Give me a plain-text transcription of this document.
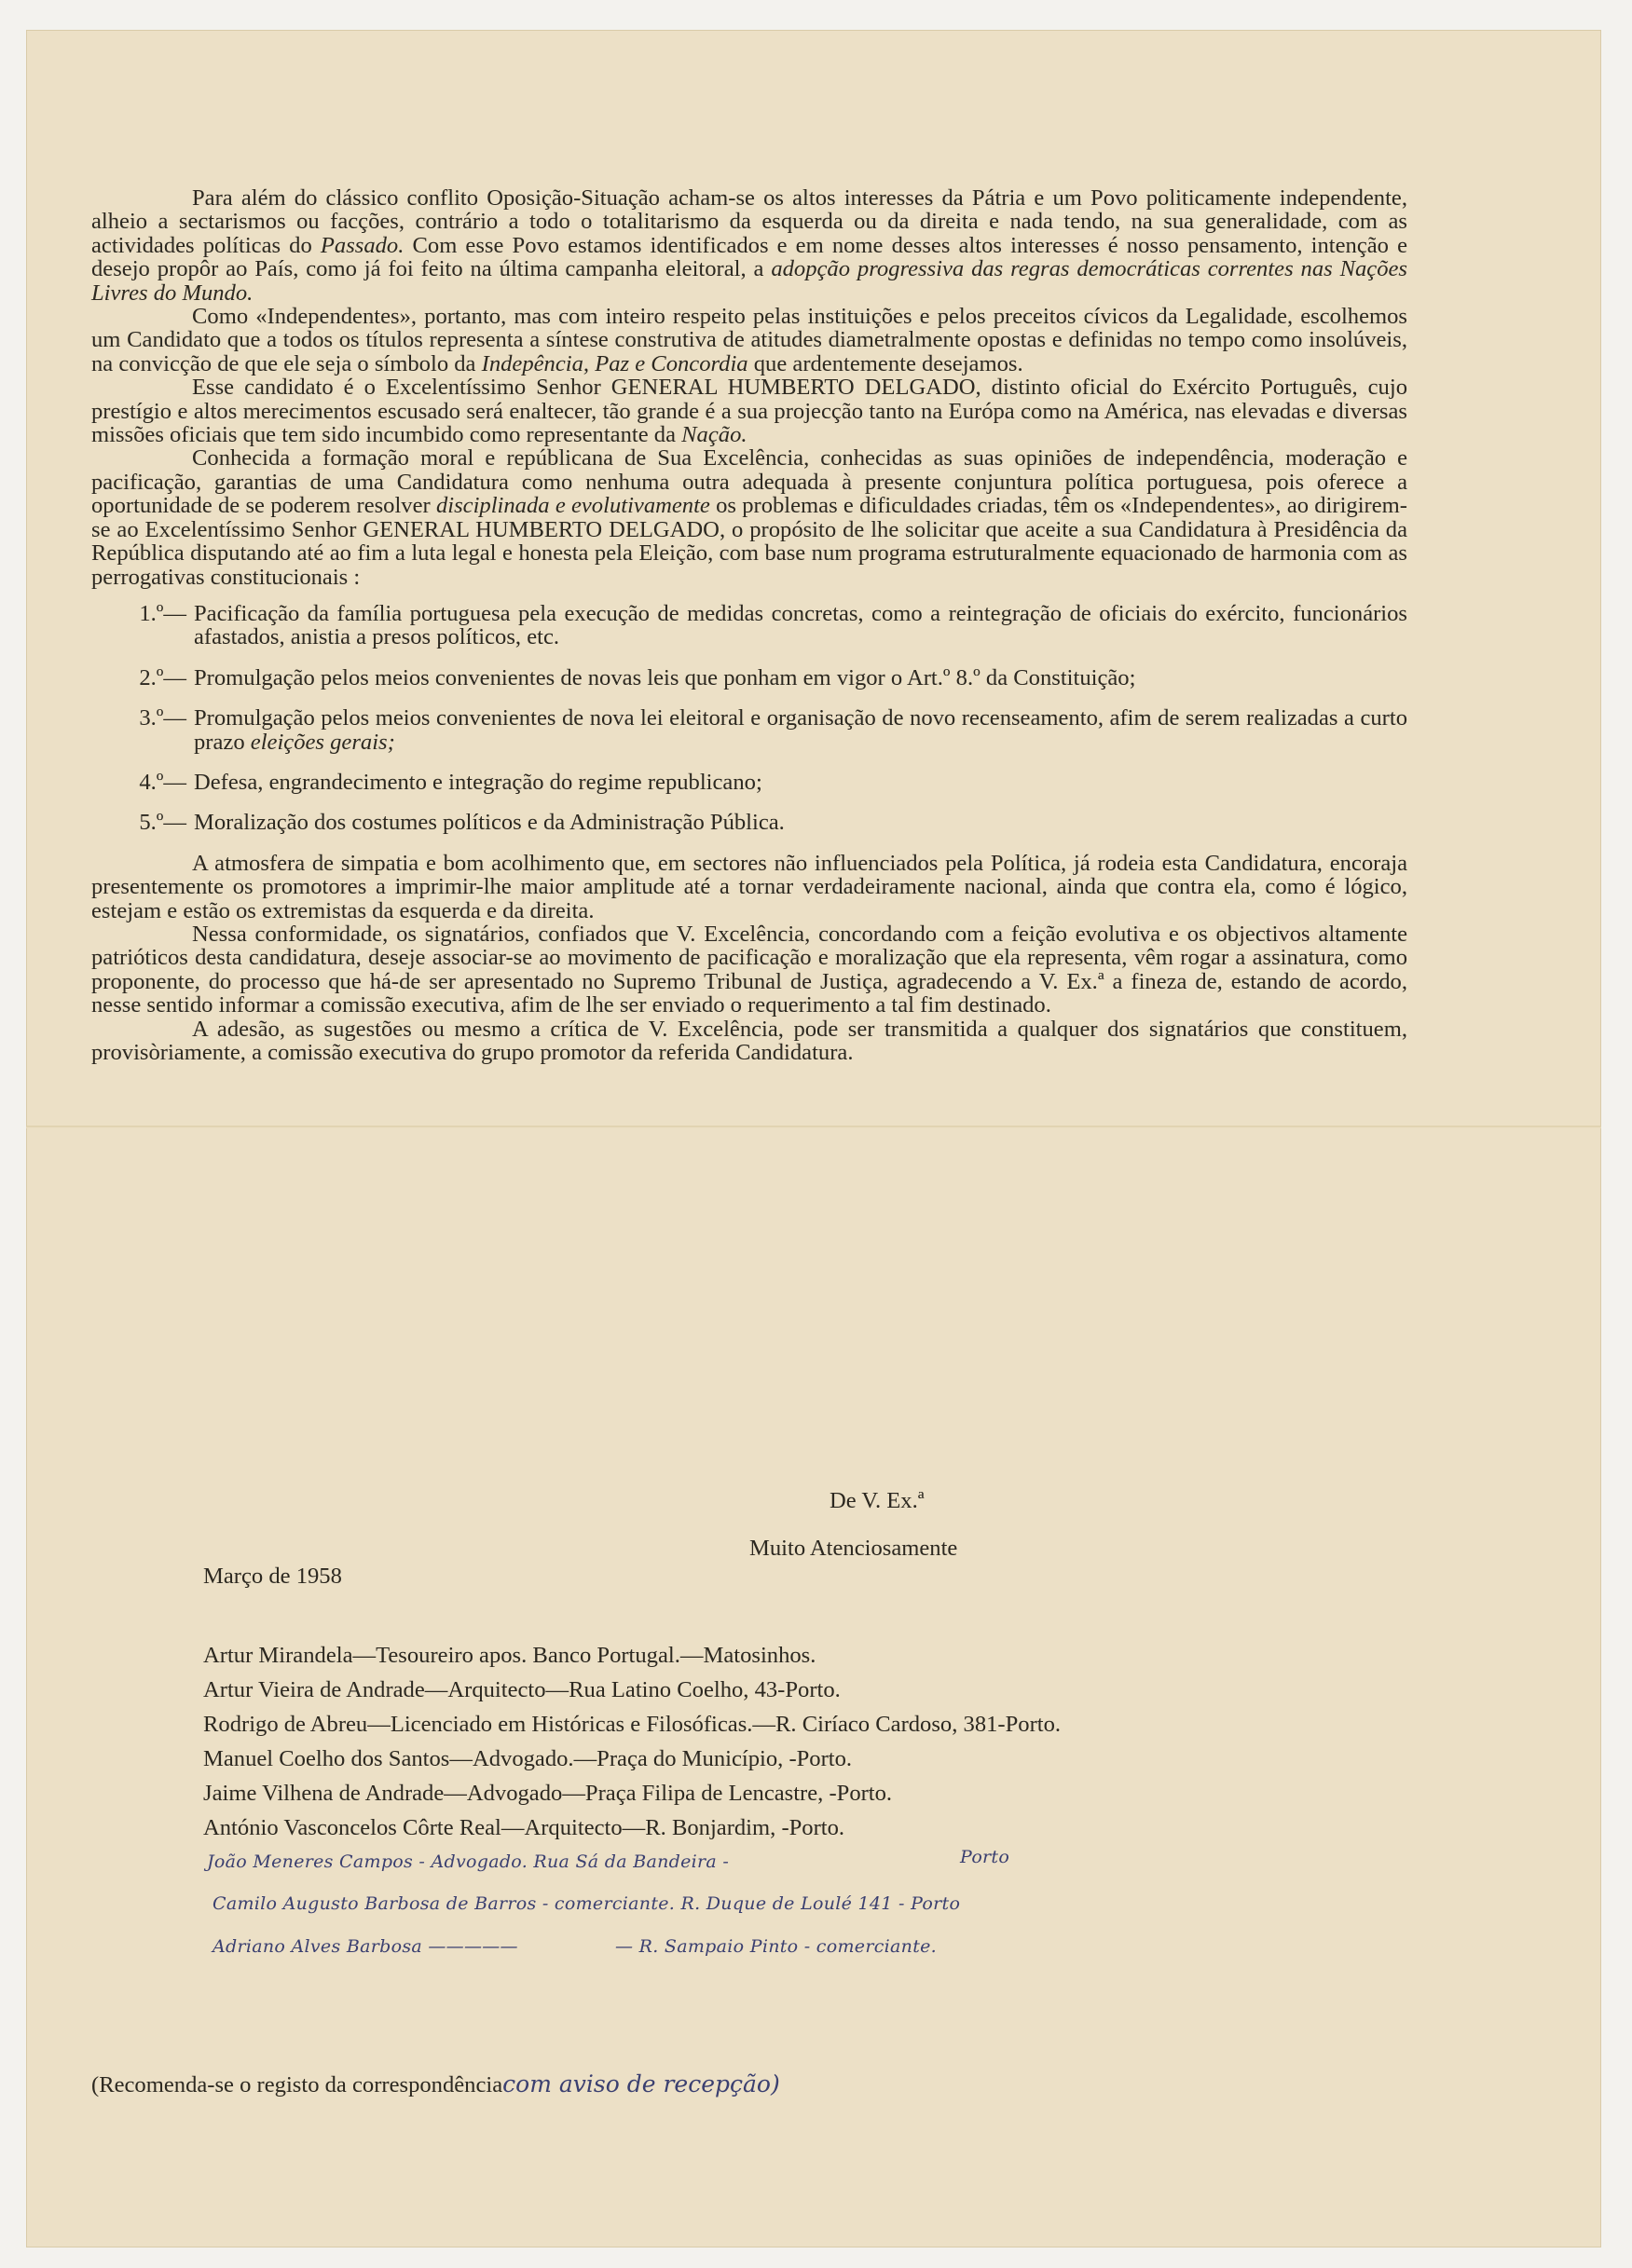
Para além do clássico conflito Oposição-Situação acham-se os altos interesses da Pátria e um Povo politicamente independente, alheio a sectarismos ou facções, contrário a todo o totalitarismo da esquerda ou da direita e nada tendo, na sua generalidade, com as actividades políticas do Passado. Com esse Povo estamos identificados e em nome desses altos interesses é nosso pensamento, intenção e desejo propôr ao País, como já foi feito na última campanha eleitoral, a adopção progressiva das regras democráticas correntes nas Nações Livres do Mundo.

Como «Independentes», portanto, mas com inteiro respeito pelas instituições e pelos preceitos cívicos da Legalidade, escolhemos um Candidato que a todos os títulos representa a síntese construtiva de atitudes diametralmente opostas e definidas no tempo como insolúveis, na convicção de que ele seja o símbolo da Indepência, Paz e Concordia que ardentemente desejamos.

Esse candidato é o Excelentíssimo Senhor GENERAL HUMBERTO DELGADO, distinto oficial do Exército Português, cujo prestígio e altos merecimentos escusado será enaltecer, tão grande é a sua projecção tanto na Európa como na América, nas elevadas e diversas missões oficiais que tem sido incumbido como representante da Nação.

Conhecida a formação moral e repúblicana de Sua Excelência, conhecidas as suas opiniões de independência, moderação e pacificação, garantias de uma Candidatura como nenhuma outra adequada à presente conjuntura política portuguesa, pois oferece a oportunidade de se poderem resolver disciplinada e evolutivamente os problemas e dificuldades criadas, têm os «Independentes», ao dirigirem-se ao Excelentíssimo Senhor GENERAL HUMBERTO DELGADO, o propósito de lhe solicitar que aceite a sua Candidatura à Presidência da República disputando até ao fim a luta legal e honesta pela Eleição, com base num programa estruturalmente equacionado de harmonia com as perrogativas constitucionais :

1.º— Pacificação da família portuguesa pela execução de medidas concretas, como a reintegração de oficiais do exército, funcionários afastados, anistia a presos políticos, etc.
2.º— Promulgação pelos meios convenientes de novas leis que ponham em vigor o Art.º 8.º da Constituição;
3.º— Promulgação pelos meios convenientes de nova lei eleitoral e organisação de novo recenseamento, afim de serem realizadas a curto prazo eleições gerais;
4.º— Defesa, engrandecimento e integração do regime republicano;
5.º— Moralização dos costumes políticos e da Administração Pública.

A atmosfera de simpatia e bom acolhimento que, em sectores não influenciados pela Política, já rodeia esta Candidatura, encoraja presentemente os promotores a imprimir-lhe maior amplitude até a tornar verdadeiramente nacional, ainda que contra ela, como é lógico, estejam e estão os extremistas da esquerda e da direita.

Nessa conformidade, os signatários, confiados que V. Excelência, concordando com a feição evolutiva e os objectivos altamente patrióticos desta candidatura, deseje associar-se ao movimento de pacificação e moralização que ela representa, vêm rogar a assinatura, como proponente, do processo que há-de ser apresentado no Supremo Tribunal de Justiça, agradecendo a V. Ex.ª a fineza de, estando de acordo, nesse sentido informar a comissão executiva, afim de lhe ser enviado o requerimento a tal fim destinado.

A adesão, as sugestões ou mesmo a crítica de V. Excelência, pode ser transmitida a qualquer dos signatários que constituem, provisòriamente, a comissão executiva do grupo promotor da referida Candidatura.

De V. Ex.ª
Muito Atenciosamente
Março de 1958
Artur Mirandela—Tesoureiro apos. Banco Portugal.—Matosinhos.
Artur Vieira de Andrade—Arquitecto—Rua Latino Coelho, 43-Porto.
Rodrigo de Abreu—Licenciado em Históricas e Filosóficas.—R. Ciríaco Cardoso, 381-Porto.
Manuel Coelho dos Santos—Advogado.—Praça do Município, -Porto.
Jaime Vilhena de Andrade—Advogado—Praça Filipa de Lencastre, -Porto.
António Vasconcelos Côrte Real—Arquitecto—R. Bonjardim, -Porto.
João Meneres Campos - Advogado. Rua Sá da Bandeira -	Porto
Camilo Augusto Barbosa de Barros - comerciante. R. Duque de Loulé 141 - Porto
Adriano Alves Barbosa —————	— R. Sampaio Pinto - comerciante.
(Recomenda-se o registo da correspondênciacom aviso de recepção)
